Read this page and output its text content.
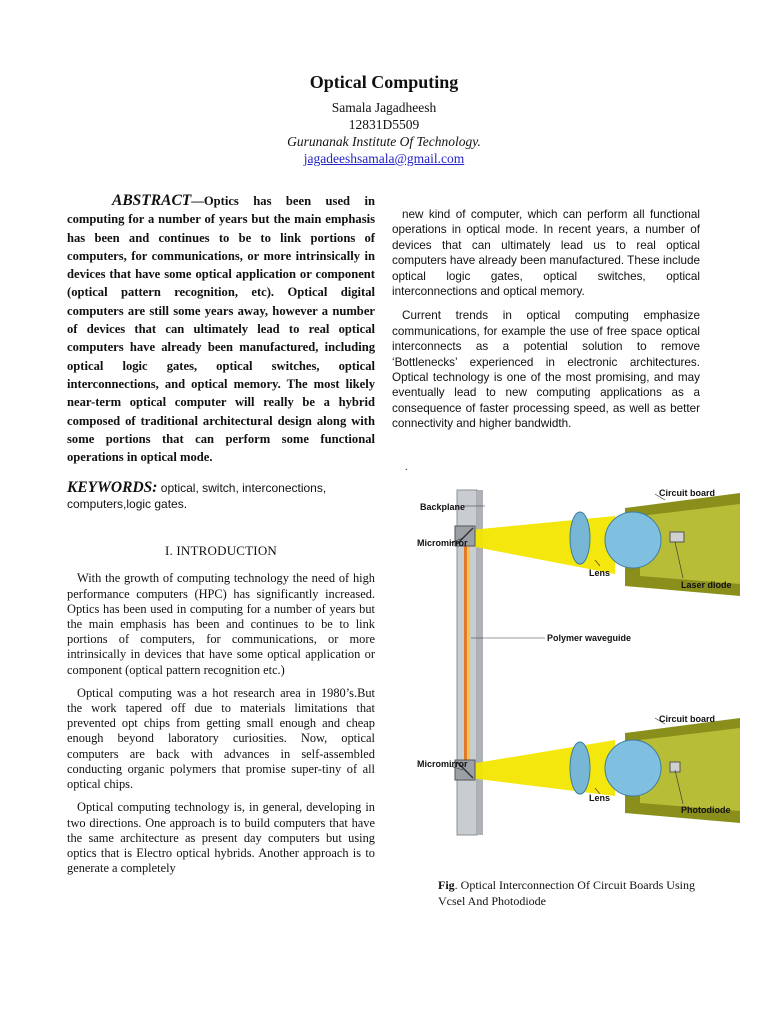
Optical Computing
Samala Jagadheesh
12831D5509
Gurunanak Institute Of Technology.
jagadeeshsamala@gmail.com

ABSTRACT—Optics has been used in computing for a number of years but the main emphasis has been and continues to be to link portions of computers, for communications, or more intrinsically in devices that have some optical application or component (optical pattern recognition, etc). Optical digital computers are still some years away, however a number of devices that can ultimately lead to real optical computers have already been manufactured, including optical logic gates, optical switches, optical interconnections, and optical memory. The most likely near-term optical computer will really be a hybrid composed of traditional architectural design along with some portions that can perform some functional operations in optical mode.

KEYWORDS: optical, switch, interconections, computers,logic gates.

I. INTRODUCTION

With the growth of computing technology the need of high performance computers (HPC) has significantly increased. Optics has been used in computing for a number of years but the main emphasis has been and continues to be to link portions of computers, for communications, or more intrinsically in devices that have some optical application or component (optical pattern recognition etc.)

Optical computing was a hot research area in 1980’s.But the work tapered off due to materials limitations that prevented opt chips from getting small enough and cheap enough beyond laboratory curiosities. Now, optical computers are back with advances in self-assembled conducting organic polymers that promise super-tiny of all optical chips.

Optical computing technology is, in general, developing in two directions. One approach is to build computers that have the same architecture as present day computers but using optics that is Electro optical hybrids. Another approach is to generate a completely

new kind of computer, which can perform all functional operations in optical mode. In recent years, a number of devices that can ultimately lead us to real optical computers have already been manufactured. These include optical logic gates, optical switches, optical interconnections and optical memory.

Current trends in optical computing emphasize communications, for example the use of free space optical interconnects as a potential solution to remove ‘Bottlenecks’ experienced in electronic architectures. Optical technology is one of the most promising, and may eventually lead to new computing applications as a consequence of faster processing speed, as well as better connectivity and higher bandwidth.

.
Backplane
Circuit board
Micromirror
Lens
Laser diode
Polymer waveguide
Circuit board
Micromirror
Lens
Photodiode
Fig. Optical Interconnection Of Circuit Boards Using Vcsel And Photodiode
